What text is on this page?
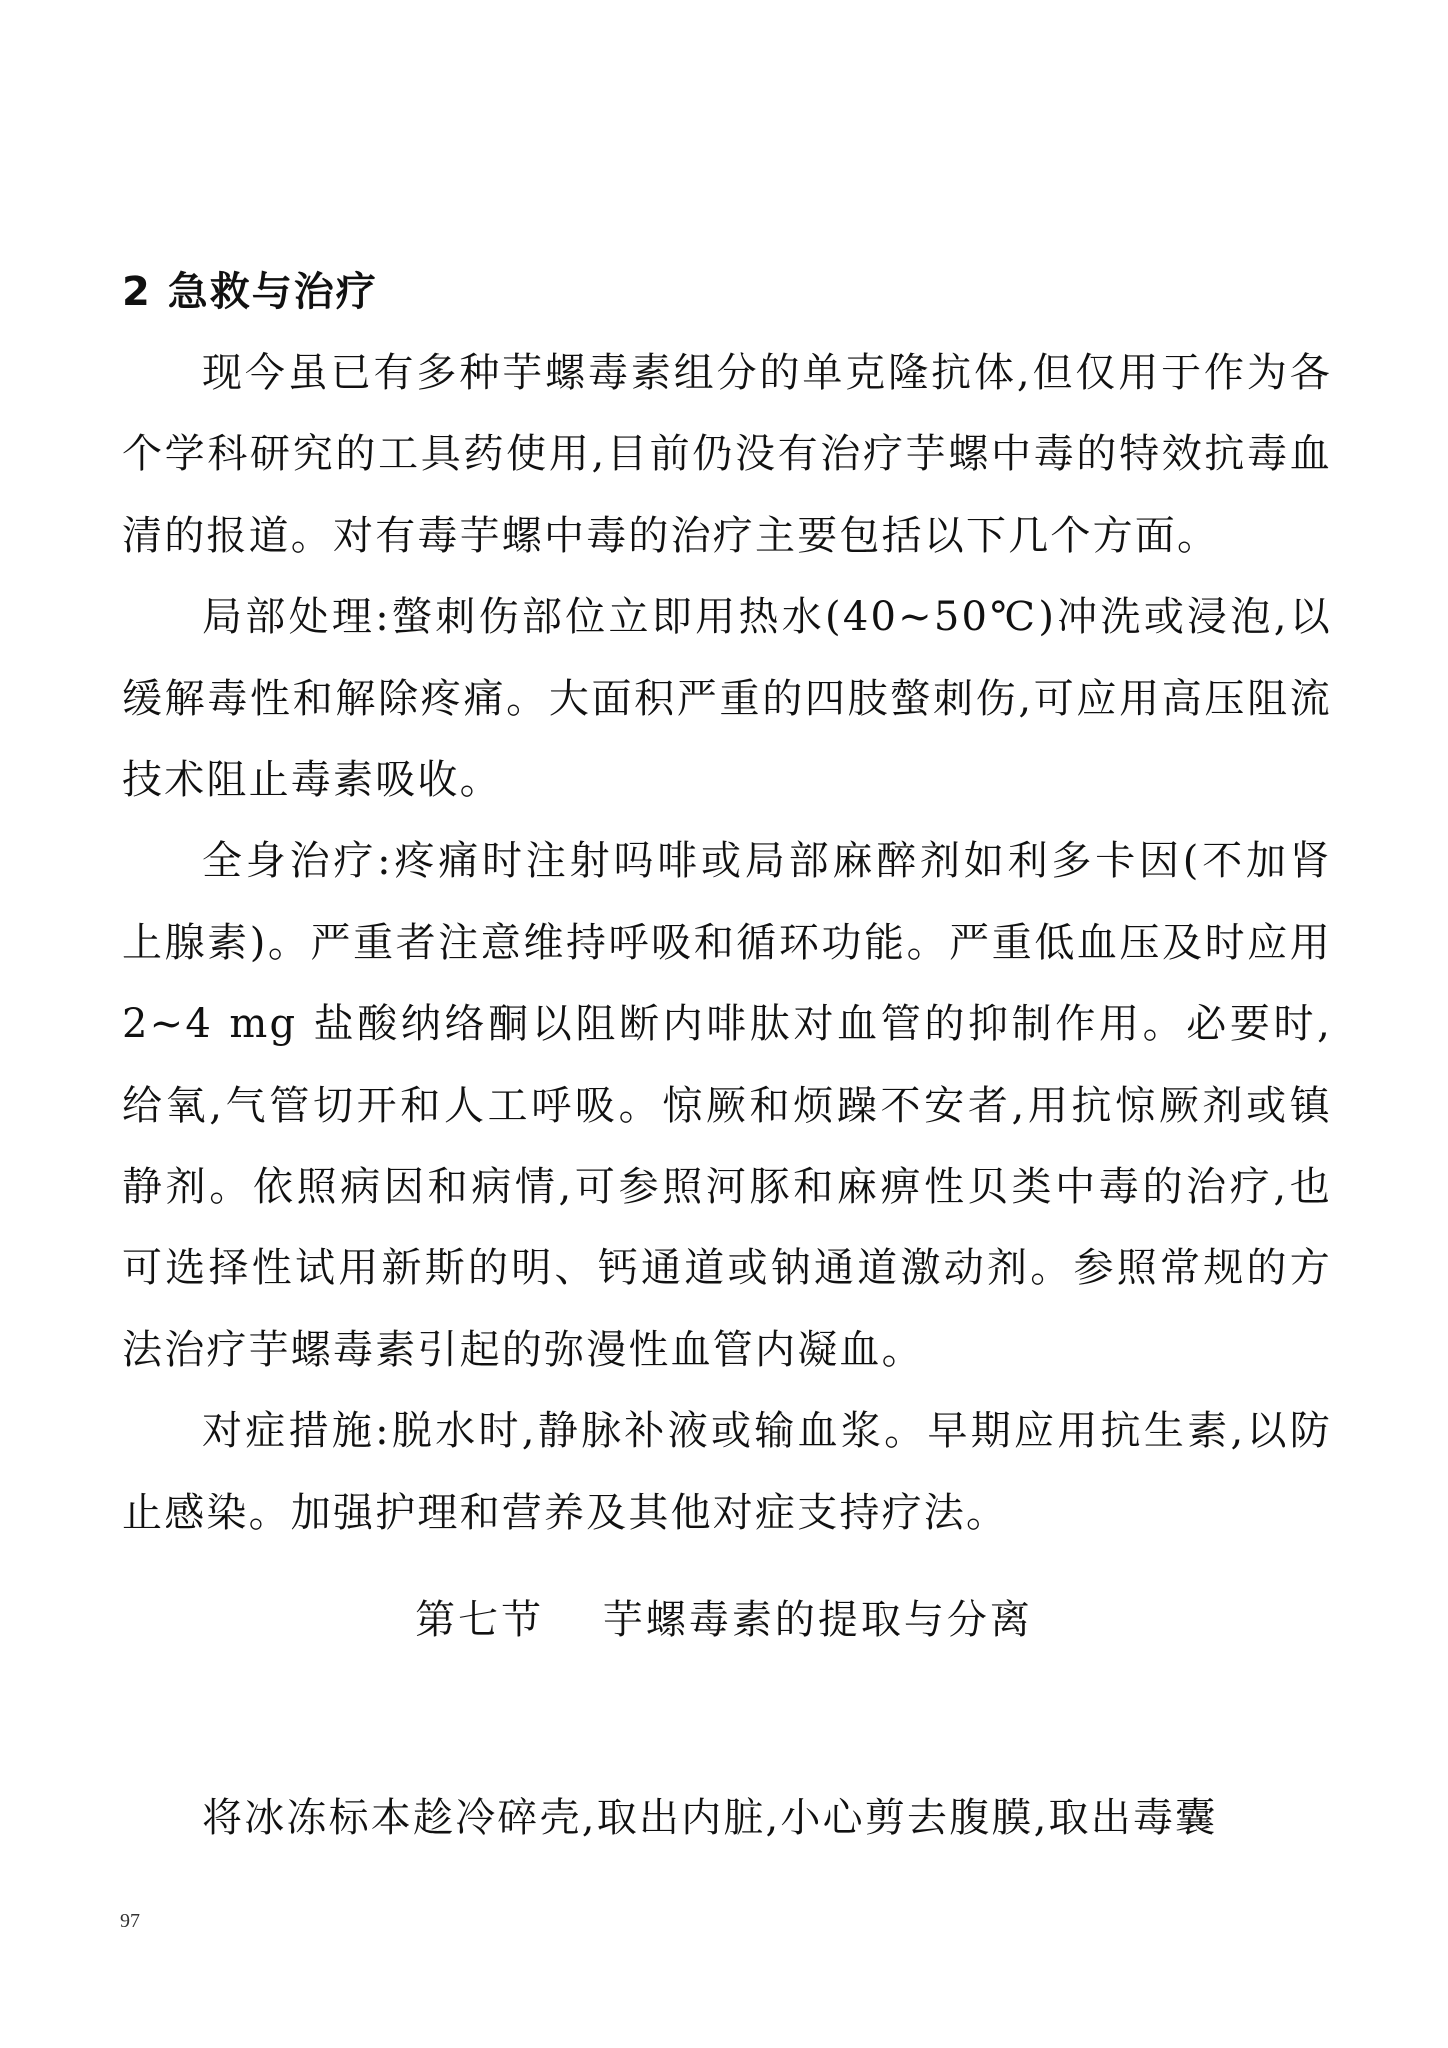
2 急救与治疗

现今虽已有多种芋螺毒素组分的单克隆抗体,但仅用于作为各个学科研究的工具药使用,目前仍没有治疗芋螺中毒的特效抗毒血清的报道。对有毒芋螺中毒的治疗主要包括以下几个方面。

局部处理:螫刺伤部位立即用热水(40~50℃)冲洗或浸泡,以缓解毒性和解除疼痛。大面积严重的四肢螫刺伤,可应用高压阻流技术阻止毒素吸收。

全身治疗:疼痛时注射吗啡或局部麻醉剂如利多卡因(不加肾上腺素)。严重者注意维持呼吸和循环功能。严重低血压及时应用 2~4 mg 盐酸纳络酮以阻断内啡肽对血管的抑制作用。必要时,给氧,气管切开和人工呼吸。惊厥和烦躁不安者,用抗惊厥剂或镇静剂。依照病因和病情,可参照河豚和麻痹性贝类中毒的治疗,也可选择性试用新斯的明、钙通道或钠通道激动剂。参照常规的方法治疗芋螺毒素引起的弥漫性血管内凝血。

对症措施:脱水时,静脉补液或输血浆。早期应用抗生素,以防止感染。加强护理和营养及其他对症支持疗法。

第七节　 芋螺毒素的提取与分离

将冰冻标本趁冷碎壳,取出内脏,小心剪去腹膜,取出毒囊

97
